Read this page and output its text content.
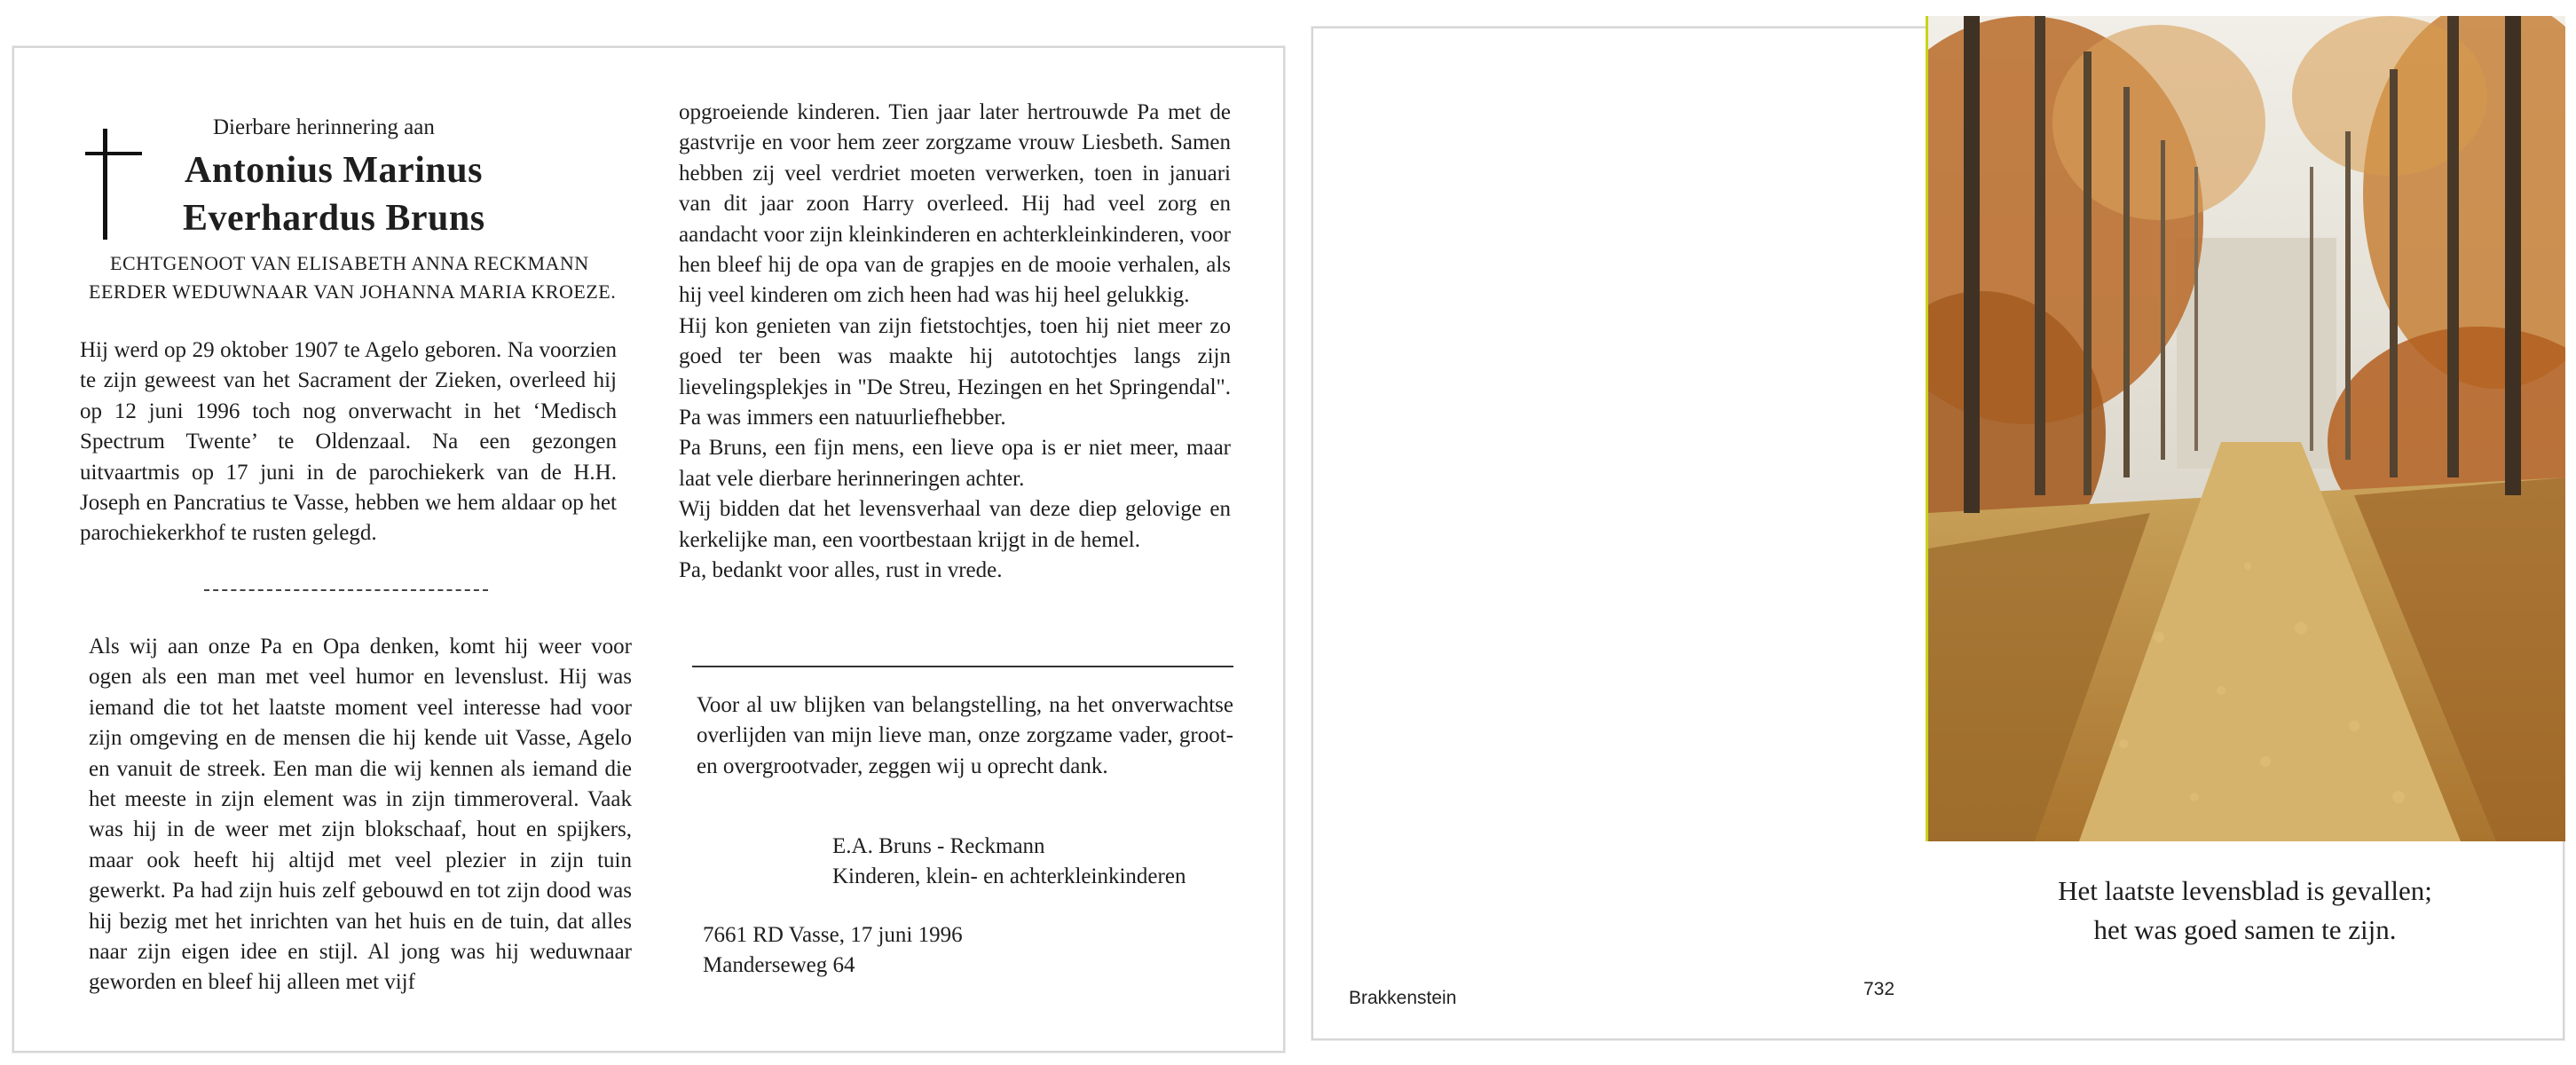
Dierbare herinnering aan
Antonius Marinus
Everhardus Bruns
ECHTGENOOT VAN ELISABETH ANNA RECKMANN
EERDER WEDUWNAAR VAN JOHANNA MARIA KROEZE.

Hij werd op 29 oktober 1907 te Agelo geboren. Na voorzien te zijn geweest van het Sacrament der Zieken, overleed hij op 12 juni 1996 toch nog onverwacht in het ‘Medisch Spectrum Twente’ te Oldenzaal. Na een gezongen uitvaartmis op 17 juni in de parochiekerk van de H.H. Joseph en Pancratius te Vasse, hebben we hem aldaar op het parochiekerkhof te rusten gelegd.

Als wij aan onze Pa en Opa denken, komt hij weer voor ogen als een man met veel humor en levenslust. Hij was iemand die tot het laatste moment veel interesse had voor zijn omgeving en de mensen die hij kende uit Vasse, Agelo en vanuit de streek. Een man die wij kennen als iemand die het meeste in zijn element was in zijn timmeroveral. Vaak was hij in de weer met zijn blokschaaf, hout en spijkers, maar ook heeft hij altijd met veel plezier in zijn tuin gewerkt. Pa had zijn huis zelf gebouwd en tot zijn dood was hij bezig met het inrichten van het huis en de tuin, dat alles naar zijn eigen idee en stijl. Al jong was hij weduwnaar geworden en bleef hij alleen met vijf

opgroeiende kinderen. Tien jaar later hertrouwde Pa met de gastvrije en voor hem zeer zorgzame vrouw Liesbeth. Samen hebben zij veel verdriet moeten verwerken, toen in januari van dit jaar zoon Harry overleed. Hij had veel zorg en aandacht voor zijn kleinkinderen en achterkleinkinderen, voor hen bleef hij de opa van de grapjes en de mooie verhalen, als hij veel kinderen om zich heen had was hij heel gelukkig.

Hij kon genieten van zijn fietstochtjes, toen hij niet meer zo goed ter been was maakte hij autotochtjes langs zijn lievelingsplekjes in "De Streu, Hezingen en het Springendal". Pa was immers een natuurliefhebber.

Pa Bruns, een fijn mens, een lieve opa is er niet meer, maar laat vele dierbare herinneringen achter.

Wij bidden dat het levensverhaal van deze diep gelovige en kerkelijke man, een voortbestaan krijgt in de hemel.

Pa, bedankt voor alles, rust in vrede.

Voor al uw blijken van belangstelling, na het onverwachtse overlijden van mijn lieve man, onze zorgzame vader, groot- en overgrootvader, zeggen wij u oprecht dank.

E.A. Bruns - Reckmann
Kinderen, klein- en achterkleinkinderen
7661 RD Vasse, 17 juni 1996
Manderseweg 64
Het laatste levensblad is gevallen;
het was goed samen te zijn.
Brakkenstein	732
